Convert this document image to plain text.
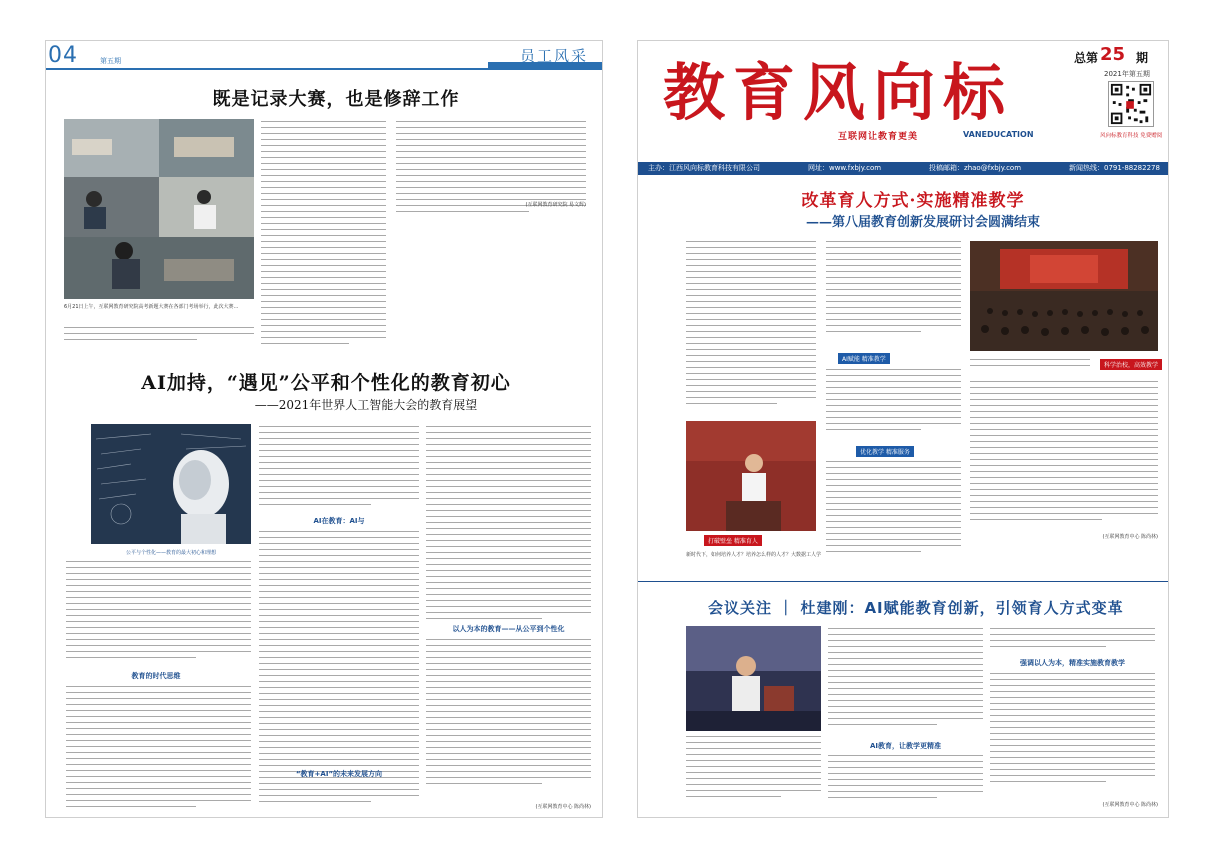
04	第五期	员工风采
既是记录大赛，也是修辞工作
6月21日上午，互联网教育研究院高考新题大赛在各部门考场举行，此次大赛…
(互联网教育研究院 易文辉)
AI加持，“遇见”公平和个性化的教育初心
——2021年世界人工智能大会的教育展望
公平与个性化——教育的最大初心和理想
教育的时代思维
AI在教育：AI与
“教育+AI”的未来发展方向
以人为本的教育——从公平到个性化
(互联网教育中心 陈尚林)
教育风向标
互联网让教育更美	VANEDUCATION
总第 25 期
2021年第五期
风向标教育科技 免费赠阅
主办：江西风向标教育科技有限公司	网址：www.fxbjy.com	投稿邮箱：zhao@fxbjy.com	新闻热线：0791-88282278
改革育人方式·实施精准教学
——第八届教育创新发展研讨会圆满结束
AI赋能 精准教学
科学治校，高效教学
(互联网教育中心 陈尚林)
优化教学 精准服务
打破壁垒 精准育人
新时代下，如何培养人才？培养怎么样的人才？大数据工人学
会议关注 ｜ 杜建刚：AI赋能教育创新，引领育人方式变革
AI教育，让教学更精准
强调以人为本，精准实施教育教学
(互联网教育中心 陈尚林)
